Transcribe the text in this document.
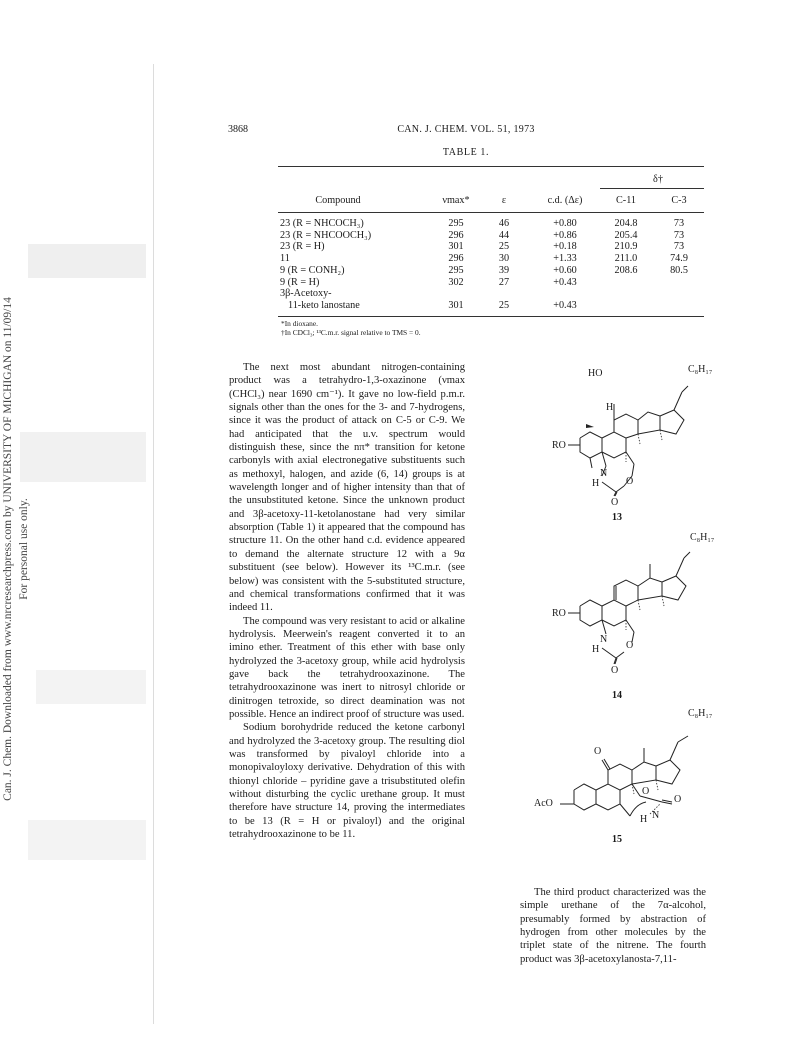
Can. J. Chem. Downloaded from www.nrcresearchpress.com by UNIVERSITY OF MICHIGAN on 11/09/14 For personal use only.
3868	CAN. J. CHEM. VOL. 51, 1973
TABLE 1.
δ†
Compound	νmax*	ε	c.d. (Δε)	C-11	C-3
23 (R = NHCOCH₃)	295	46	+0.80	204.8	73
23 (R = NHCOOCH₃)	296	44	+0.86	205.4	73
23 (R = H)	301	25	+0.18	210.9	73
11	296	30	+1.33	211.0	74.9
9 (R = CONH₂)	295	39	+0.60	208.6	80.5
9 (R = H)	302	27	+0.43
3β-Acetoxy-
11-keto lanostane	301	25	+0.43
*In dioxane.
†In CDCl₃; ¹³C.m.r. signal relative to TMS = 0.

The next most abundant nitrogen-containing product was a tetrahydro-1,3-oxazinone (νmax (CHCl₃) near 1690 cm⁻¹). It gave no low-field p.m.r. signals other than the ones for the 3- and 7-hydrogens, since it was the product of attack on C-5 or C-9. We had anticipated that the u.v. spectrum would distinguish these, since the nπ* transition for ketone carbonyls with axial electronegative substituents such as methoxyl, halogen, and azide (6, 14) groups is at wavelength longer and of higher intensity than that of the unsubstituted ketone. Since the unknown product and 3β-acetoxy-11-ketolanostane had very similar absorption (Table 1) it appeared that the compound has structure 11. On the other hand c.d. evidence appeared to demand the alternate structure 12 with a 9α substituent (see below). However its ¹³C.m.r. (see below) was consistent with the 5-substituted structure, and chemical transformations confirmed that it was indeed 11.

The compound was very resistant to acid or alkaline hydrolysis. Meerwein's reagent converted it to an imino ether. Treatment of this ether with base only hydrolyzed the 3-acetoxy group, while acid hydrolysis gave back the tetrahydrooxazinone. The tetrahydrooxazinone was inert to nitrosyl chloride or dinitrogen tetroxide, so direct deamination was not possible. Hence an indirect proof of structure was used.

Sodium borohydride reduced the ketone carbonyl and hydrolyzed the 3-acetoxy group. The resulting diol was transformed by pivaloyl chloride into a monopivaloyloxy derivative. Dehydration of this with thionyl chloride – pyridine gave a trisubstituted olefin without disturbing the cyclic urethane group. It must therefore have structure 14, proving the intermediates to be 13 (R = H or pivaloyl) and the original tetrahydrooxazinone to be 11.

The third product characterized was the simple urethane of the 7α-alcohol, presumably formed by abstraction of hydrogen from other molecules by the triplet state of the nitrene. The fourth product was 3β-acetoxylanosta-7,11-

HO
H
C₈H₁₇
RO
N
H	O
O
13
C₈H₁₇
RO
N
H	O
O
14
O
C₈H₁₇
AcO
O
O
H N
15
